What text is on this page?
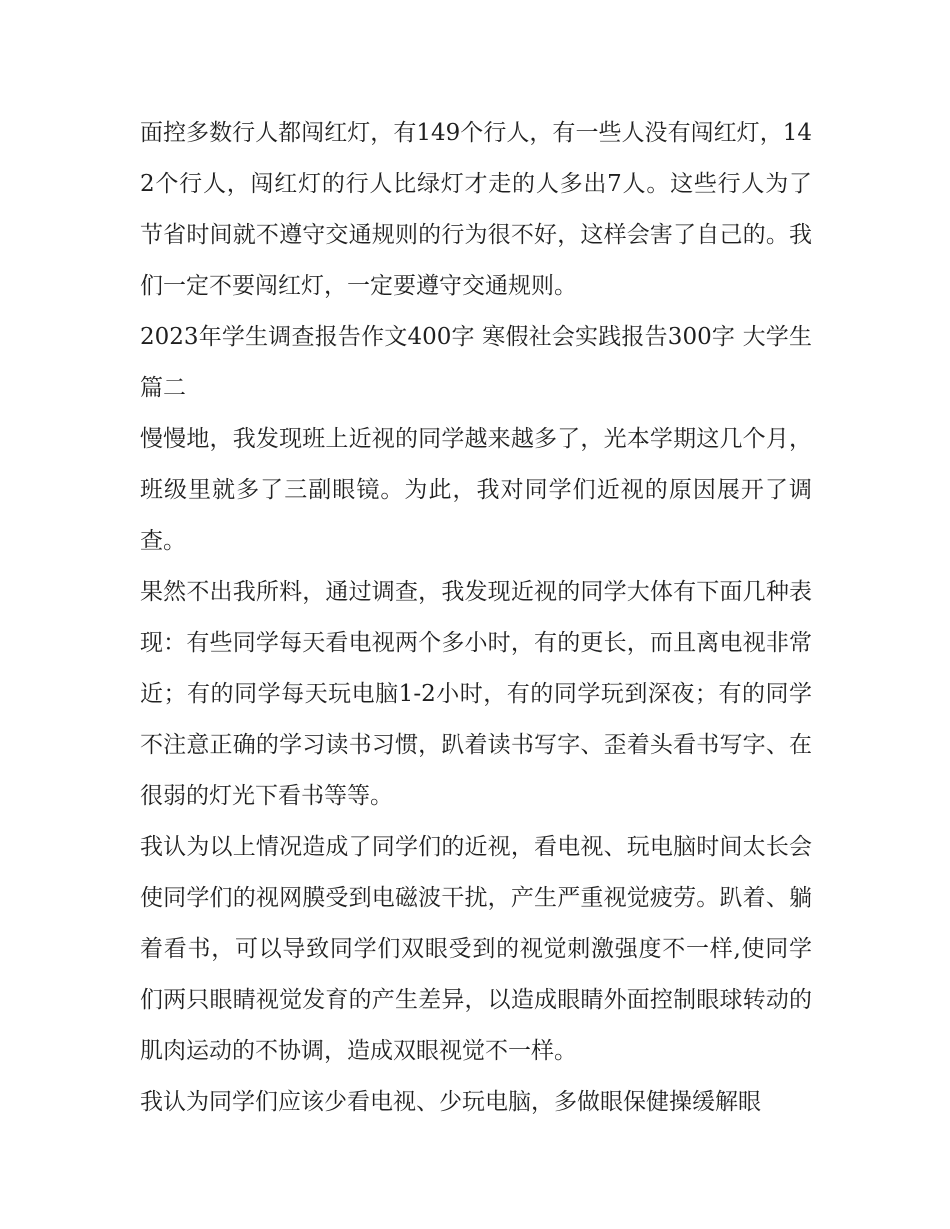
面控多数行人都闯红灯，有149个行人，有一些人没有闯红灯，142个行人，闯红灯的行人比绿灯才走的人多出7人。这些行人为了节省时间就不遵守交通规则的行为很不好，这样会害了自己的。我们一定不要闯红灯，一定要遵守交通规则。

2023年学生调查报告作文400字 寒假社会实践报告300字 大学生篇二

慢慢地，我发现班上近视的同学越来越多了，光本学期这几个月，班级里就多了三副眼镜。为此，我对同学们近视的原因展开了调查。

果然不出我所料，通过调查，我发现近视的同学大体有下面几种表现：有些同学每天看电视两个多小时，有的更长，而且离电视非常近；有的同学每天玩电脑1-2小时，有的同学玩到深夜；有的同学不注意正确的学习读书习惯，趴着读书写字、歪着头看书写字、在很弱的灯光下看书等等。

我认为以上情况造成了同学们的近视，看电视、玩电脑时间太长会使同学们的视网膜受到电磁波干扰，产生严重视觉疲劳。趴着、躺着看书，可以导致同学们双眼受到的视觉刺激强度不一样,使同学们两只眼睛视觉发育的产生差异，以造成眼睛外面控制眼球转动的肌肉运动的不协调，造成双眼视觉不一样。

我认为同学们应该少看电视、少玩电脑，多做眼保健操缓解眼
